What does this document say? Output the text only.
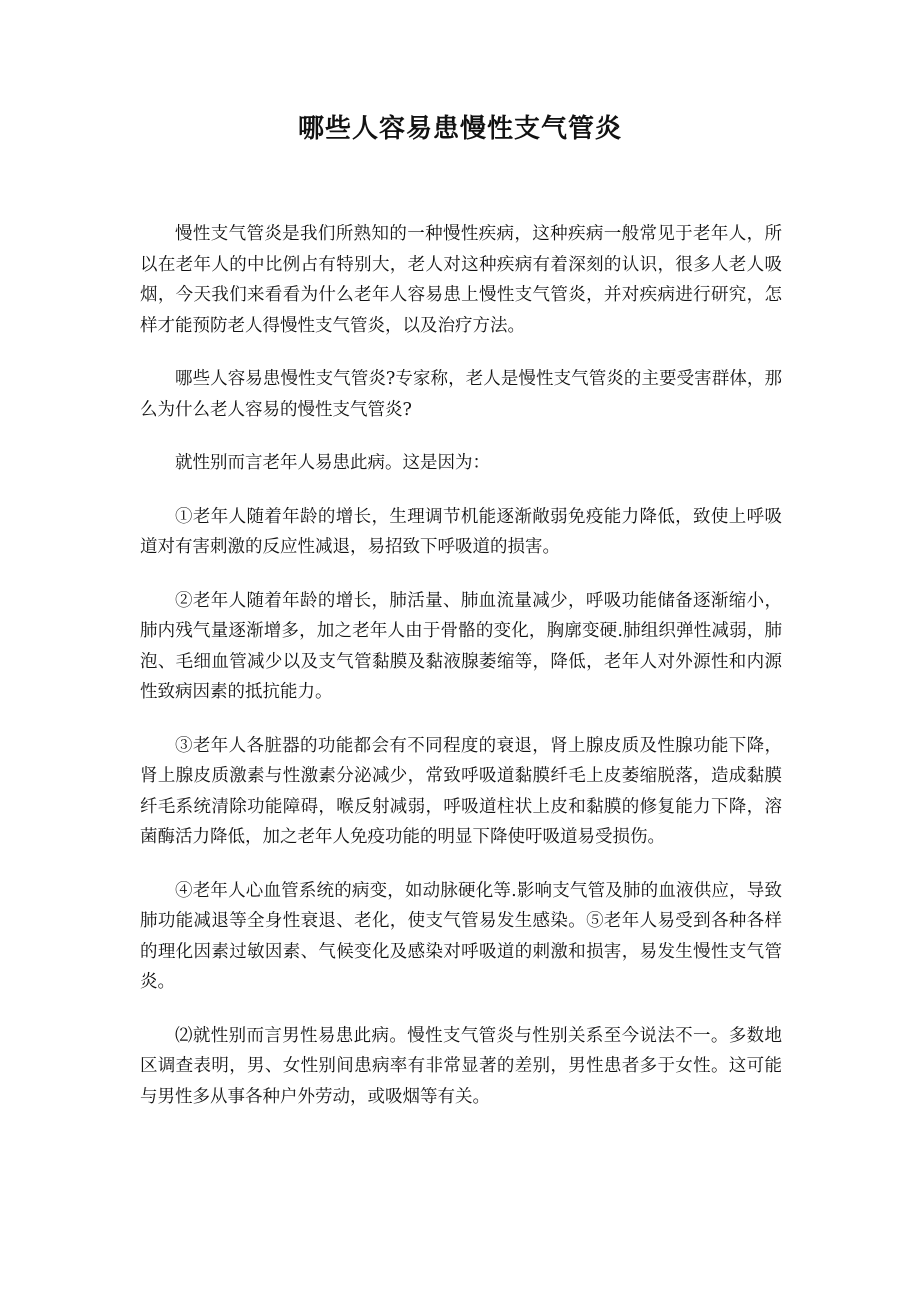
哪些人容易患慢性支气管炎

慢性支气管炎是我们所熟知的一种慢性疾病，这种疾病一般常见于老年人，所以在老年人的中比例占有特别大，老人对这种疾病有着深刻的认识，很多人老人吸烟，今天我们来看看为什么老年人容易患上慢性支气管炎，并对疾病进行研究，怎样才能预防老人得慢性支气管炎，以及治疗方法。

哪些人容易患慢性支气管炎?专家称，老人是慢性支气管炎的主要受害群体，那么为什么老人容易的慢性支气管炎?

就性别而言老年人易患此病。这是因为：

①老年人随着年龄的增长，生理调节机能逐渐敞弱免疫能力降低，致使上呼吸道对有害刺激的反应性减退，易招致下呼吸道的损害。

②老年人随着年龄的增长，肺活量、肺血流量减少，呼吸功能储备逐渐缩小，肺内残气量逐渐增多，加之老年人由于骨骼的变化，胸廓变硬.肺组织弹性减弱，肺泡、毛细血管减少以及支气管黏膜及黏液腺萎缩等，降低，老年人对外源性和内源性致病因素的抵抗能力。

③老年人各脏器的功能都会有不同程度的衰退，肾上腺皮质及性腺功能下降，肾上腺皮质激素与性激素分泌减少，常致呼吸道黏膜纤毛上皮萎缩脱落，造成黏膜纤毛系统清除功能障碍，喉反射减弱，呼吸道柱状上皮和黏膜的修复能力下降，溶菌酶活力降低，加之老年人免疫功能的明显下降使吁吸道易受损伤。

④老年人心血管系统的病变，如动脉硬化等.影响支气管及肺的血液供应，导致肺功能减退等全身性衰退、老化，使支气管易发生感染。⑤老年人易受到各种各样的理化因素过敏因素、气候变化及感染对呼吸道的刺激和损害，易发生慢性支气管炎。

⑵就性别而言男性易患此病。慢性支气管炎与性别关系至今说法不一。多数地区调查表明，男、女性别间患病率有非常显著的差别，男性患者多于女性。这可能与男性多从事各种户外劳动，或吸烟等有关。
